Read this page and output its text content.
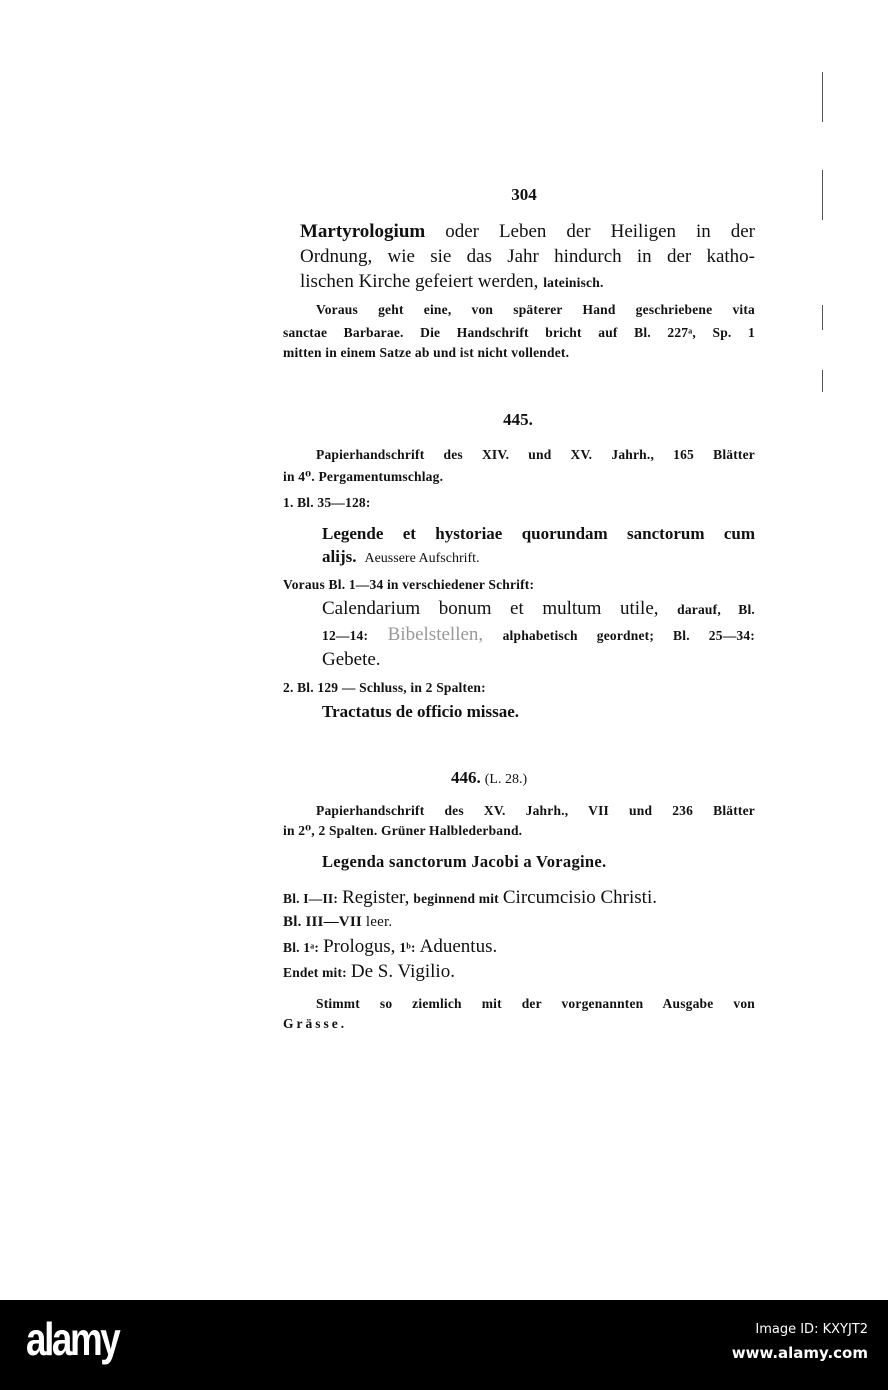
304
Martyrologium oder Leben der Heiligen in der
Ordnung, wie sie das Jahr hindurch in der katho-
lischen Kirche gefeiert werden, lateinisch.
Voraus geht eine, von späterer Hand geschriebene vita
sanctae Barbarae. Die Handschrift bricht auf Bl. 227ᵃ, Sp. 1
mitten in einem Satze ab und ist nicht vollendet.
445.
Papierhandschrift des XIV. und XV. Jahrh., 165 Blätter
in 4⁰. Pergamentumschlag.
1. Bl. 35—128:
Legende et hystoriae quorundam sanctorum cum
alijs. Aeussere Aufschrift.
Voraus Bl. 1—34 in verschiedener Schrift:
Calendarium bonum et multum utile, darauf, Bl.
12—14: Bibelstellen, alphabetisch geordnet; Bl. 25—34:
Gebete.
2. Bl. 129 — Schluss, in 2 Spalten:
Tractatus de officio missae.
446. (L. 28.)
Papierhandschrift des XV. Jahrh., VII und 236 Blätter
in 2⁰, 2 Spalten. Grüner Halblederband.
Legenda sanctorum Jacobi a Voragine.
Bl. I—II: Register, beginnend mit Circumcisio Christi.
Bl. III—VII leer.
Bl. 1ᵃ: Prologus, 1ᵇ: Aduentus.
Endet mit: De S. Vigilio.
Stimmt so ziemlich mit der vorgenannten Ausgabe von
Grässe.
alamy	Image ID: KXYJT2
www.alamy.com
